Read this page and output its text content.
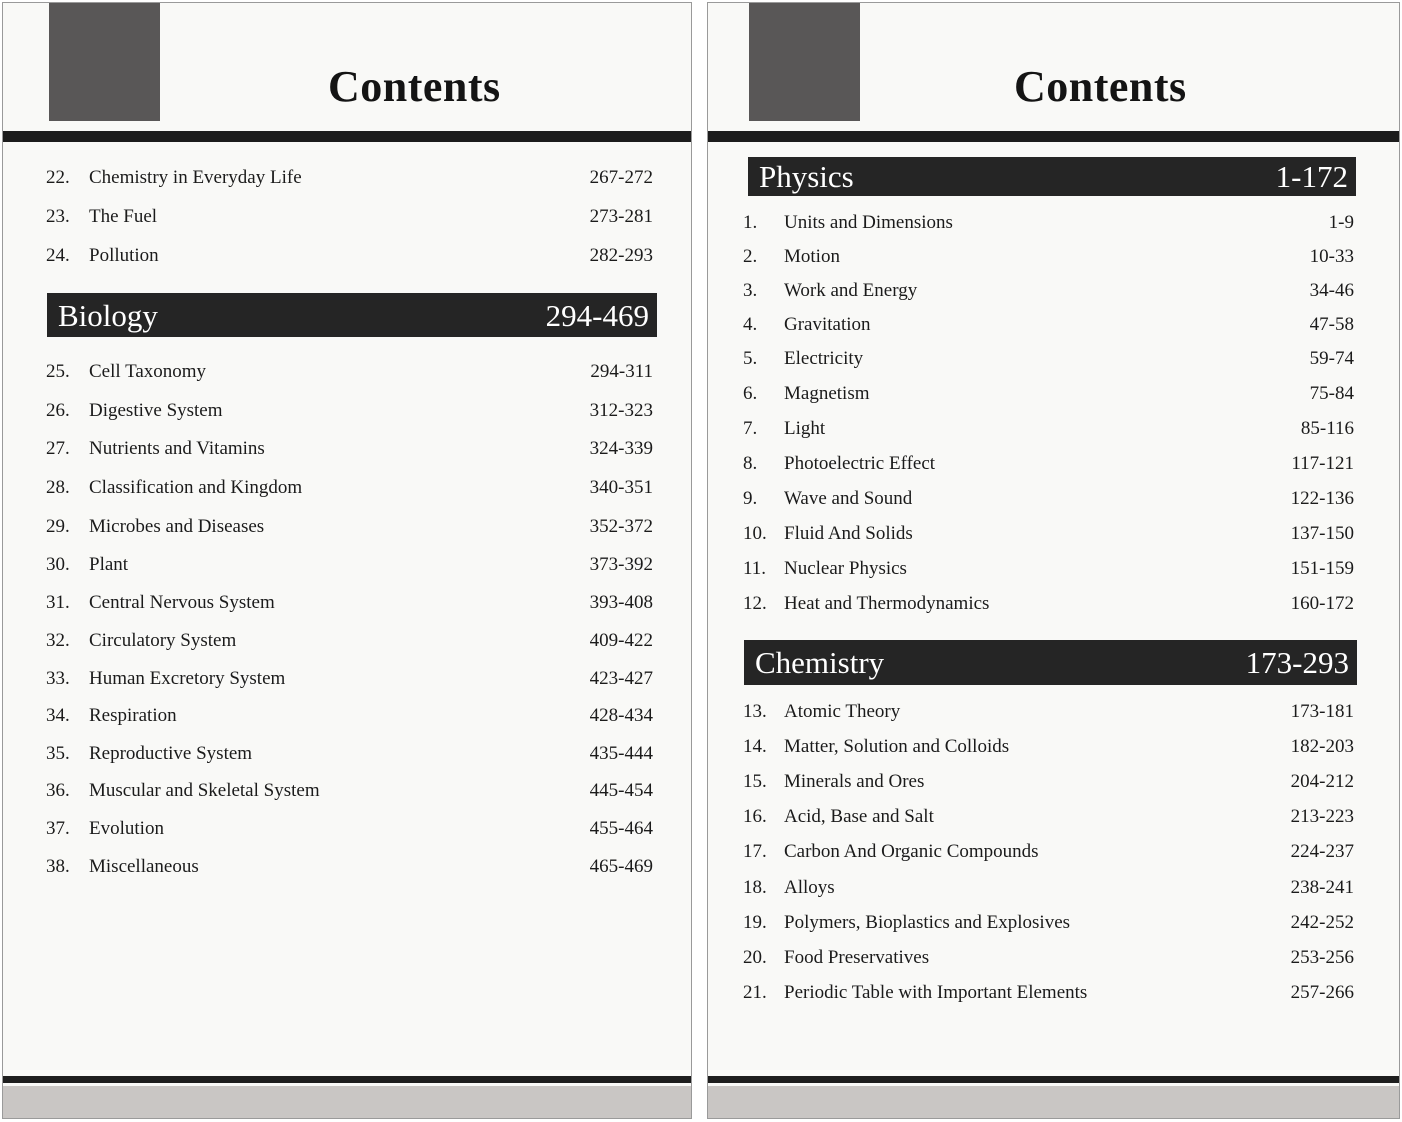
Contents
22. Chemistry in Everyday Life	267-272
23. The Fuel	273-281
24. Pollution	282-293
Biology	294-469
25. Cell Taxonomy	294-311
26. Digestive System	312-323
27. Nutrients and Vitamins	324-339
28. Classification and Kingdom	340-351
29. Microbes and Diseases	352-372
30. Plant	373-392
31. Central Nervous System	393-408
32. Circulatory System	409-422
33. Human Excretory System	423-427
34. Respiration	428-434
35. Reproductive System	435-444
36. Muscular and Skeletal System	445-454
37. Evolution	455-464
38. Miscellaneous	465-469
Contents
Physics	1-172
1. Units and Dimensions	1-9
2. Motion	10-33
3. Work and Energy	34-46
4. Gravitation	47-58
5. Electricity	59-74
6. Magnetism	75-84
7. Light	85-116
8. Photoelectric Effect	117-121
9. Wave and Sound	122-136
10. Fluid And Solids	137-150
11. Nuclear Physics	151-159
12. Heat and Thermodynamics	160-172
Chemistry	173-293
13. Atomic Theory	173-181
14. Matter, Solution and Colloids	182-203
15. Minerals and Ores	204-212
16. Acid, Base and Salt	213-223
17. Carbon And Organic Compounds	224-237
18. Alloys	238-241
19. Polymers, Bioplastics and Explosives	242-252
20. Food Preservatives	253-256
21. Periodic Table with Important Elements	257-266
